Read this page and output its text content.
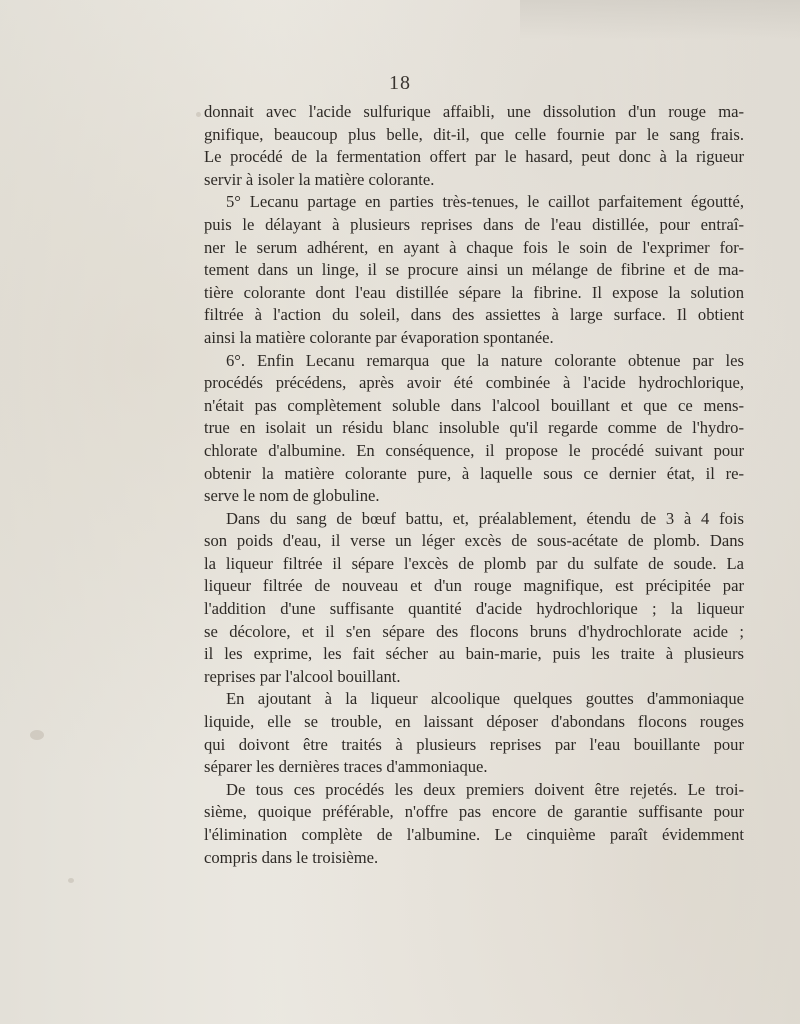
18
donnait avec l'acide sulfurique affaibli, une dissolution d'un rouge ma-
gnifique, beaucoup plus belle, dit-il, que celle fournie par le sang frais.
Le procédé de la fermentation offert par le hasard, peut donc à la rigueur
servir à isoler la matière colorante.
5° Lecanu partage en parties très-tenues, le caillot parfaitement égoutté,
puis le délayant à plusieurs reprises dans de l'eau distillée, pour entraî-
ner le serum adhérent, en ayant à chaque fois le soin de l'exprimer for-
tement dans un linge, il se procure ainsi un mélange de fibrine et de ma-
tière colorante dont l'eau distillée sépare la fibrine. Il expose la solution
filtrée à l'action du soleil, dans des assiettes à large surface. Il obtient
ainsi la matière colorante par évaporation spontanée.
6°. Enfin Lecanu remarqua que la nature colorante obtenue par les
procédés précédens, après avoir été combinée à l'acide hydrochlorique,
n'était pas complètement soluble dans l'alcool bouillant et que ce mens-
true en isolait un résidu blanc insoluble qu'il regarde comme de l'hydro-
chlorate d'albumine. En conséquence, il propose le procédé suivant pour
obtenir la matière colorante pure, à laquelle sous ce dernier état, il re-
serve le nom de globuline.
Dans du sang de bœuf battu, et, préalablement, étendu de 3 à 4 fois
son poids d'eau, il verse un léger excès de sous-acétate de plomb. Dans
la liqueur filtrée il sépare l'excès de plomb par du sulfate de soude. La
liqueur filtrée de nouveau et d'un rouge magnifique, est précipitée par
l'addition d'une suffisante quantité d'acide hydrochlorique ; la liqueur
se décolore, et il s'en sépare des flocons bruns d'hydrochlorate acide ;
il les exprime, les fait sécher au bain-marie, puis les traite à plusieurs
reprises par l'alcool bouillant.
En ajoutant à la liqueur alcoolique quelques gouttes d'ammoniaque
liquide, elle se trouble, en laissant déposer d'abondans flocons rouges
qui doivont être traités à plusieurs reprises par l'eau bouillante pour
séparer les dernières traces d'ammoniaque.
De tous ces procédés les deux premiers doivent être rejetés. Le troi-
sième, quoique préférable, n'offre pas encore de garantie suffisante pour
l'élimination complète de l'albumine. Le cinquième paraît évidemment
compris dans le troisième.
